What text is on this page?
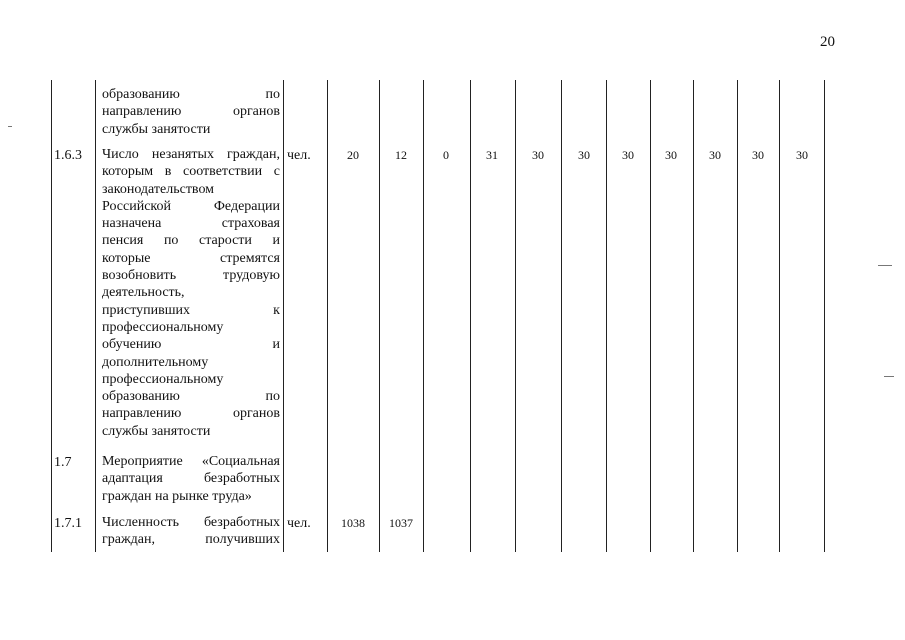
20
образованию по
направлению органов
службы занятости
1.6.3 Число незанятых граждан,
которым в соответствии с
законодательством
Российской Федерации
назначена страховая
пенсия по старости и
которые стремятся
возобновить трудовую
деятельность,
приступивших к
профессиональному
обучению и
дополнительному
профессиональному
образованию по
направлению органов
службы занятости
чел.	20	12	0	31	30	30	30	30	30	30	30
1.7 Мероприятие «Социальная
адаптация безработных
граждан на рынке труда»
1.7.1 Численность безработных
граждан, получивших
чел.	1038	1037
